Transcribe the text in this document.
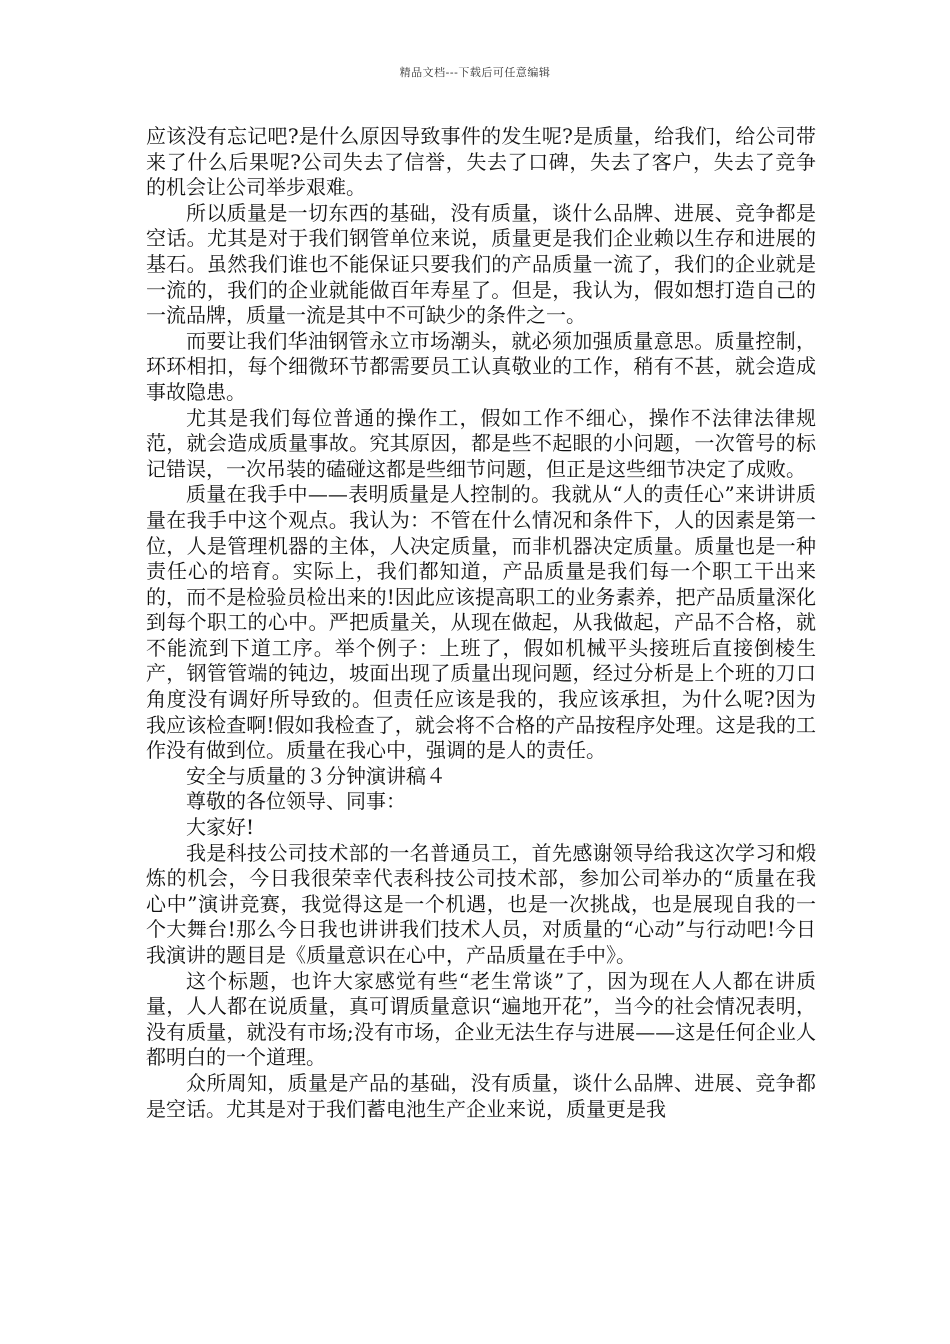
精品文档---下载后可任意编辑

应该没有忘记吧?是什么原因导致事件的发生呢?是质量，给我们，给公司带来了什么后果呢?公司失去了信誉，失去了口碑，失去了客户，失去了竞争的机会让公司举步艰难。

所以质量是一切东西的基础，没有质量，谈什么品牌、进展、竞争都是空话。尤其是对于我们钢管单位来说，质量更是我们企业赖以生存和进展的基石。虽然我们谁也不能保证只要我们的产品质量一流了，我们的企业就是一流的，我们的企业就能做百年寿星了。但是，我认为，假如想打造自己的一流品牌，质量一流是其中不可缺少的条件之一。

而要让我们华油钢管永立市场潮头，就必须加强质量意思。质量控制，环环相扣，每个细微环节都需要员工认真敬业的工作，稍有不甚，就会造成事故隐患。

尤其是我们每位普通的操作工，假如工作不细心，操作不法律法律规范，就会造成质量事故。究其原因，都是些不起眼的小问题，一次管号的标记错误，一次吊装的磕碰这都是些细节问题，但正是这些细节决定了成败。

质量在我手中——表明质量是人控制的。我就从“人的责任心”来讲讲质量在我手中这个观点。我认为：不管在什么情况和条件下，人的因素是第一位，人是管理机器的主体，人决定质量，而非机器决定质量。质量也是一种责任心的培育。实际上，我们都知道，产品质量是我们每一个职工干出来的，而不是检验员检出来的!因此应该提高职工的业务素养，把产品质量深化到每个职工的心中。严把质量关，从现在做起，从我做起，产品不合格，就不能流到下道工序。举个例子：上班了，假如机械平头接班后直接倒棱生产，钢管管端的钝边，坡面出现了质量出现问题，经过分析是上个班的刀口角度没有调好所导致的。但责任应该是我的，我应该承担，为什么呢?因为我应该检查啊!假如我检查了，就会将不合格的产品按程序处理。这是我的工作没有做到位。质量在我心中，强调的是人的责任。

安全与质量的３分钟演讲稿４

尊敬的各位领导、同事：

大家好!

我是科技公司技术部的一名普通员工，首先感谢领导给我这次学习和煅炼的机会，今日我很荣幸代表科技公司技术部，参加公司举办的“质量在我心中”演讲竞赛，我觉得这是一个机遇，也是一次挑战，也是展现自我的一个大舞台!那么今日我也讲讲我们技术人员，对质量的“心动”与行动吧!今日我演讲的题目是《质量意识在心中，产品质量在手中》。

这个标题，也许大家感觉有些“老生常谈”了，因为现在人人都在讲质量，人人都在说质量，真可谓质量意识“遍地开花”，当今的社会情况表明，没有质量，就没有市场;没有市场，企业无法生存与进展——这是任何企业人都明白的一个道理。

众所周知，质量是产品的基础，没有质量，谈什么品牌、进展、竞争都是空话。尤其是对于我们蓄电池生产企业来说，质量更是我
